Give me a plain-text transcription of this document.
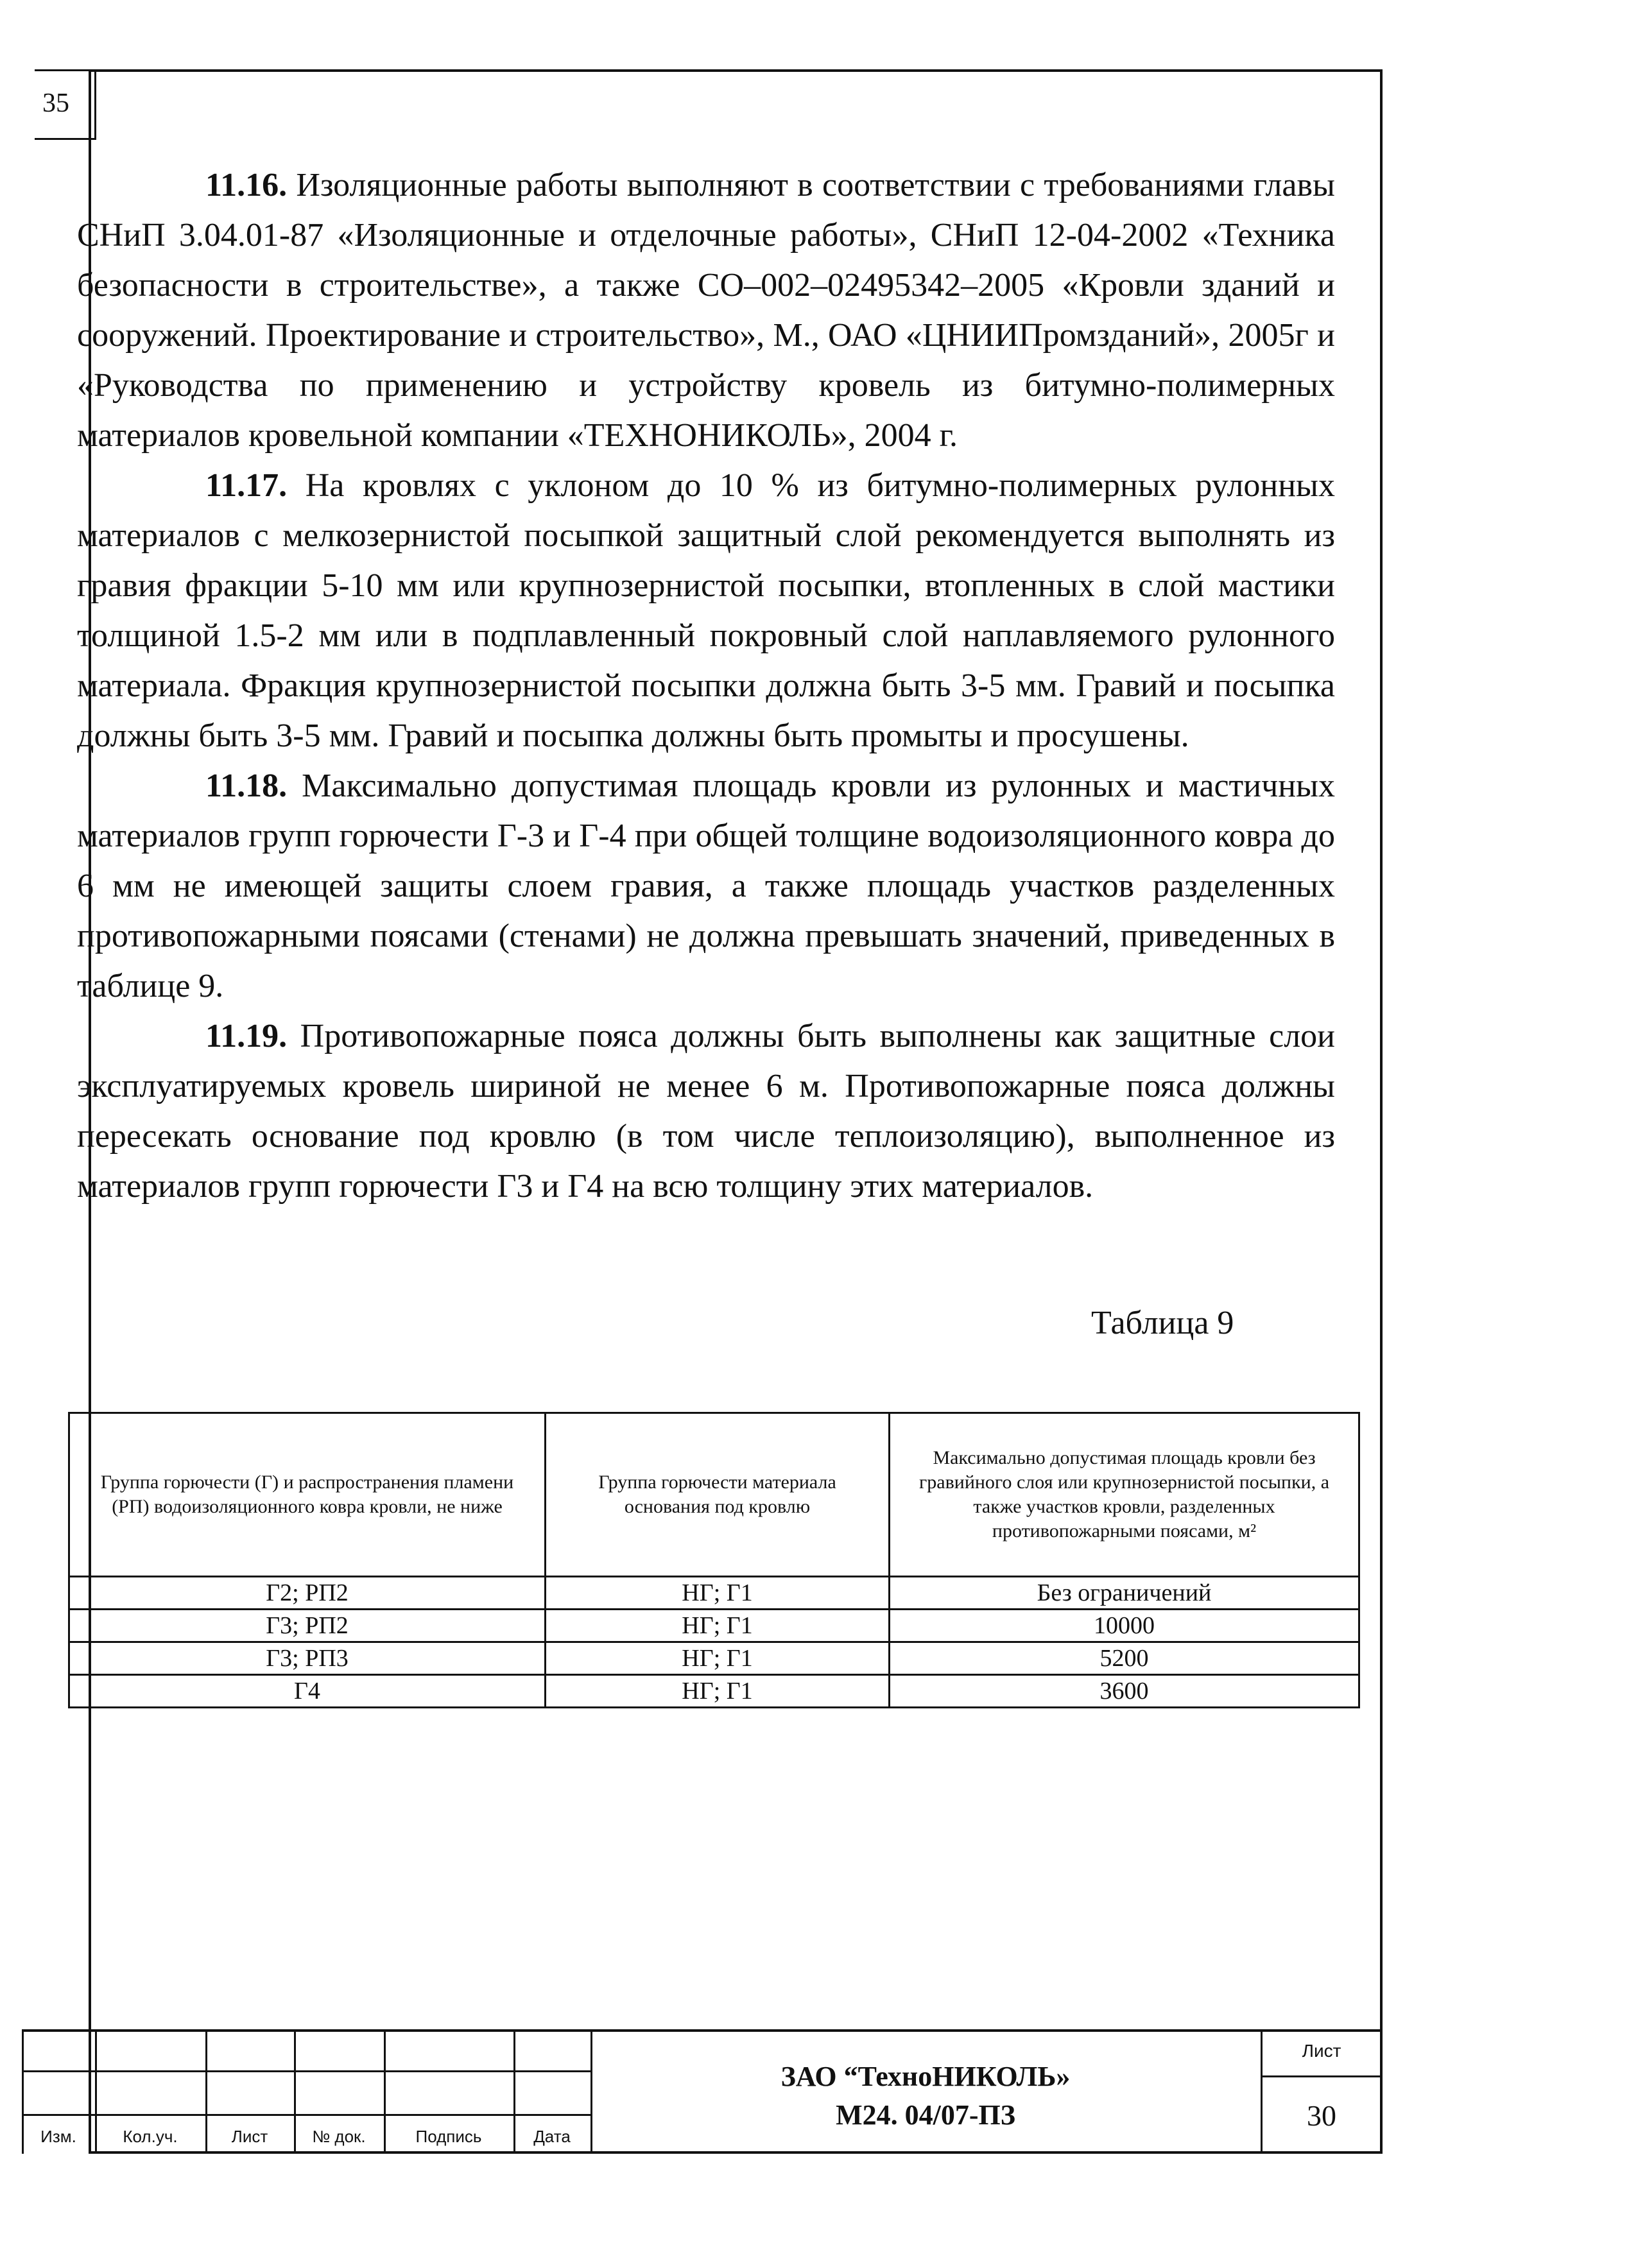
35

11.16. Изоляционные работы выполняют в соответствии с требованиями главы СНиП 3.04.01-87 «Изоляционные и отделочные работы», СНиП 12-04-2002 «Техника безопасности в строительстве», а также СО–002–02495342–2005 «Кровли зданий и сооружений. Проектирование и строительство», М., ОАО «ЦНИИПромзданий», 2005г и «Руководства по применению и устройству кровель из битумно-полимерных материалов кровельной компании «ТЕХНОНИКОЛЬ», 2004 г.

11.17. На кровлях с уклоном до 10 % из битумно-полимерных рулонных материалов с мелкозернистой посыпкой защитный слой рекомендуется выполнять из гравия фракции 5-10 мм или крупнозернистой посыпки, втопленных в слой мастики толщиной 1.5-2 мм или в подплавленный покровный слой наплавляемого рулонного материала. Фракция крупнозернистой посыпки должна быть 3-5 мм. Гравий и посыпка должны быть 3-5 мм. Гравий и посыпка должны быть промыты и просушены.

11.18. Максимально допустимая площадь кровли из рулонных и мастичных материалов групп горючести Г-3 и Г-4 при общей толщине водоизоляционного ковра до 6 мм не имеющей защиты слоем гравия, а также площадь участков разделенных противопожарными поясами (стенами) не должна превышать значений, приведенных в таблице 9.

11.19. Противопожарные пояса должны быть выполнены как защитные слои эксплуатируемых кровель шириной не менее 6 м. Противопожарные пояса должны пересекать основание под кровлю (в том числе теплоизоляцию), выполненное из материалов групп горючести Г3 и Г4 на всю толщину этих материалов.

Таблица 9
Группа горючести (Г) и распространения пламени (РП) водоизоляционного ковра кровли, не ниже	Группа горючести материала основания под кровлю	Максимально допустимая площадь кровли без гравийного слоя или крупнозернистой посыпки, а также участков кровли, разделенных противопожарными поясами, м²
Г2; РП2	НГ; Г1	Без ограничений
Г3; РП2	НГ; Г1	10000
Г3; РП3	НГ; Г1	5200
Г4	НГ; Г1	3600
Изм.	Кол.уч.	Лист	№ док.	Подпись	Дата
ЗАО “ТехноНИКОЛЬ»
М24. 04/07-ПЗ
Лист
30
